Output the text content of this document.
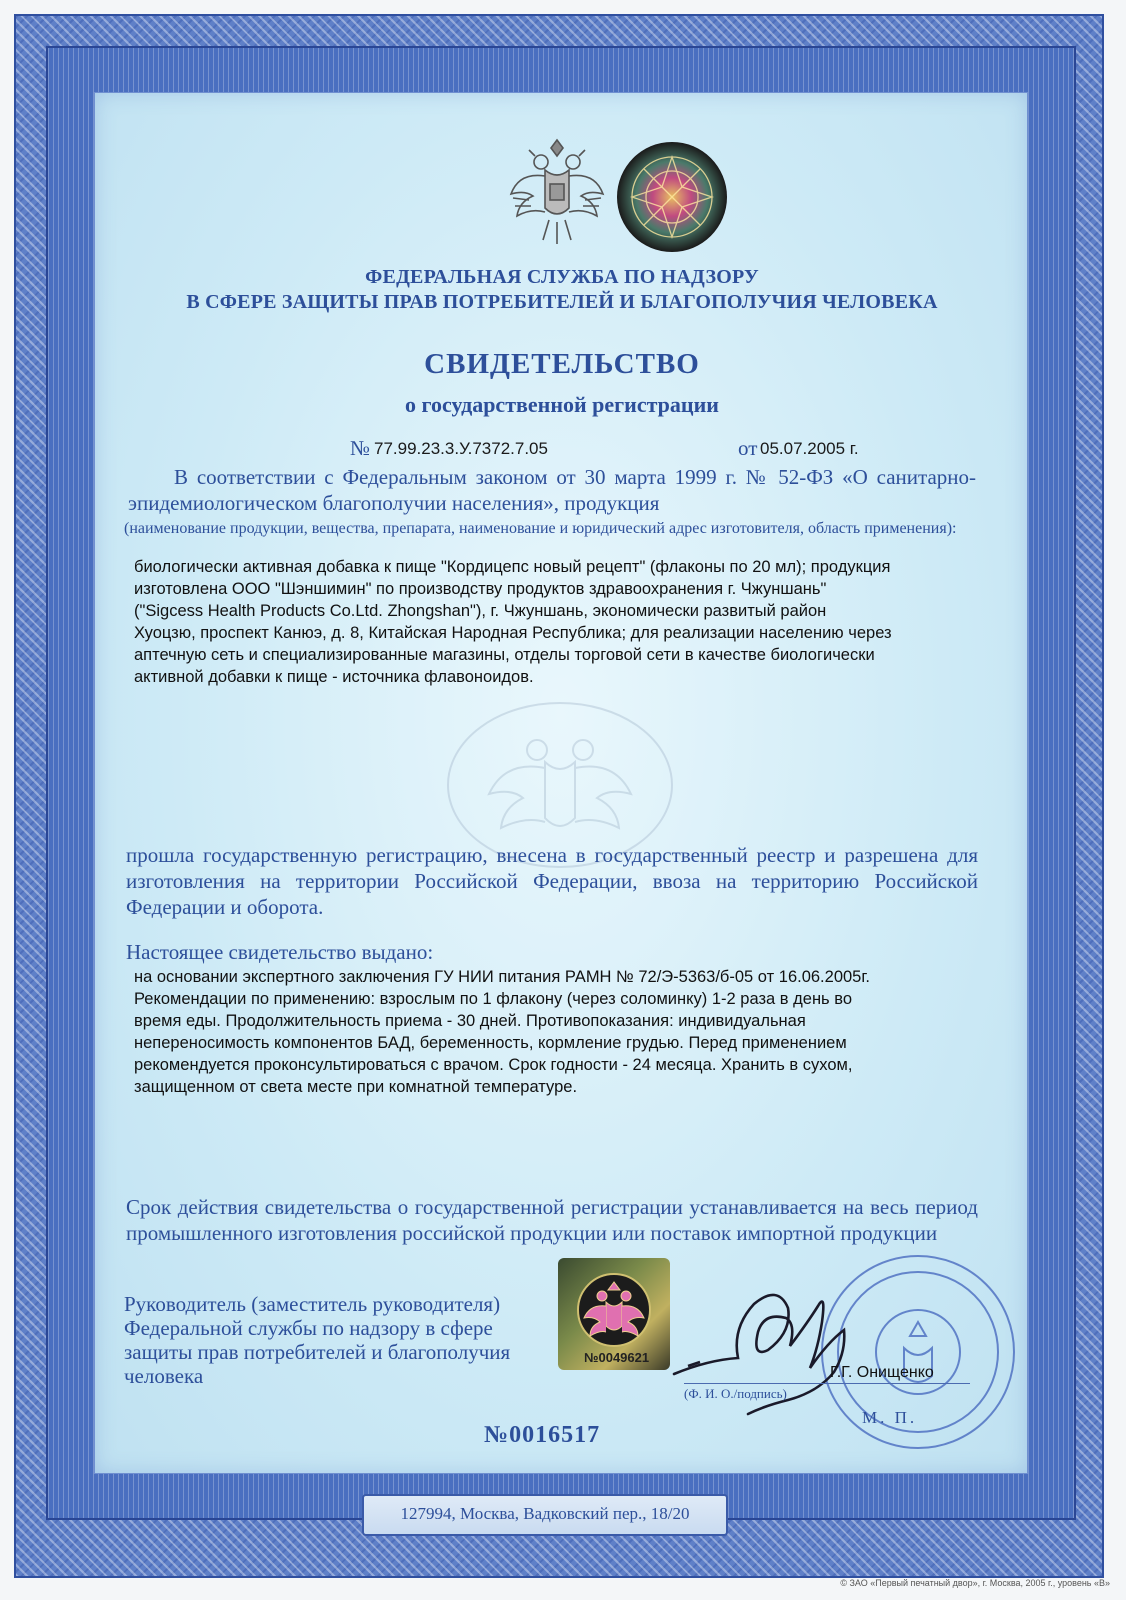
ФЕДЕРАЛЬНАЯ СЛУЖБА ПО НАДЗОРУ
В СФЕРЕ ЗАЩИТЫ ПРАВ ПОТРЕБИТЕЛЕЙ И БЛАГОПОЛУЧИЯ ЧЕЛОВЕКА
СВИДЕТЕЛЬСТВО
о государственной регистрации
№ 77.99.23.3.У.7372.7.05	от 05.07.2005 г.
В соответствии с Федеральным законом от 30 марта 1999 г. № 52-ФЗ «О санитарно-эпидемиологическом благополучии населения», продукция
(наименование продукции, вещества, препарата, наименование и юридический адрес изготовителя, область применения):
биологически активная добавка к пище "Кордицепс новый рецепт" (флаконы по 20 мл); продукция
изготовлена ООО "Шэншимин" по производству продуктов здравоохранения г. Чжуншань"
("Sigcess Health Products Co.Ltd. Zhongshan"), г. Чжуншань, экономически развитый район
Хуоцзю, проспект Канюэ, д. 8, Китайская Народная Республика; для реализации населению через
аптечную сеть и специализированные магазины, отделы торговой сети в качестве биологически
активной добавки к пище - источника флавоноидов.
прошла государственную регистрацию, внесена в государственный реестр и разрешена для изготовления на территории Российской Федерации, ввоза на территорию Российской Федерации и оборота.
Настоящее свидетельство выдано:
на основании экспертного заключения ГУ НИИ питания РАМН № 72/Э-5363/б-05 от 16.06.2005г.
Рекомендации по применению: взрослым по 1 флакону (через соломинку) 1-2 раза в день во
время еды. Продолжительность приема - 30 дней. Противопоказания: индивидуальная
непереносимость компонентов БАД, беременность, кормление грудью. Перед применением
рекомендуется проконсультироваться с врачом. Срок годности - 24 месяца. Хранить в сухом,
защищенном от света месте при комнатной температуре.
Срок действия свидетельства о государственной регистрации устанавливается на весь период промышленного изготовления российской продукции или поставок импортной продукции
Руководитель (заместитель руководителя)
Федеральной службы по надзору в сфере
защиты прав потребителей и благополучия
человека
№0049621
(Ф. И. О./подпись)
Г.Г. Онищенко
М. П.
№0016517
127994, Москва, Вадковский пер., 18/20
© ЗАО «Первый печатный двор», г. Москва, 2005 г., уровень «В»
